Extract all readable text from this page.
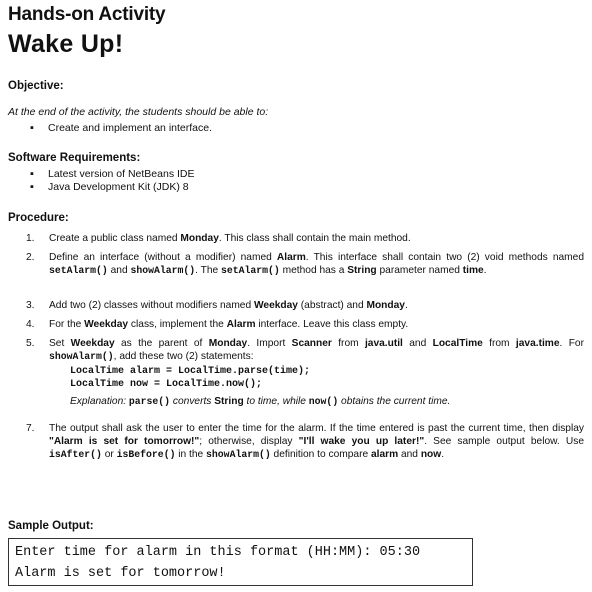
Hands-on Activity
Wake Up!
Objective:
At the end of the activity, the students should be able to:
▪ Create and implement an interface.
Software Requirements:
▪ Latest version of NetBeans IDE
▪ Java Development Kit (JDK) 8
Procedure:
1.	Create a public class named Monday. This class shall contain the main method.
2.	Define an interface (without a modifier) named Alarm. This interface shall contain two (2) void methods named setAlarm() and showAlarm(). The setAlarm() method has a String parameter named time.
3.	Add two (2) classes without modifiers named Weekday (abstract) and Monday.
4.	For the Weekday class, implement the Alarm interface. Leave this class empty.
5.	Set Weekday as the parent of Monday. Import Scanner from java.util and LocalTime from java.time. For showAlarm(), add these two (2) statements:
LocalTime alarm = LocalTime.parse(time);
LocalTime now = LocalTime.now();
Explanation: parse() converts String to time, while now() obtains the current time.
7.	The output shall ask the user to enter the time for the alarm. If the time entered is past the current time, then display "Alarm is set for tomorrow!"; otherwise, display "I'll wake you up later!". See sample output below. Use isAfter() or isBefore() in the showAlarm() definition to compare alarm and now.
Sample Output:
Enter time for alarm in this format (HH:MM): 05:30
Alarm is set for tomorrow!
